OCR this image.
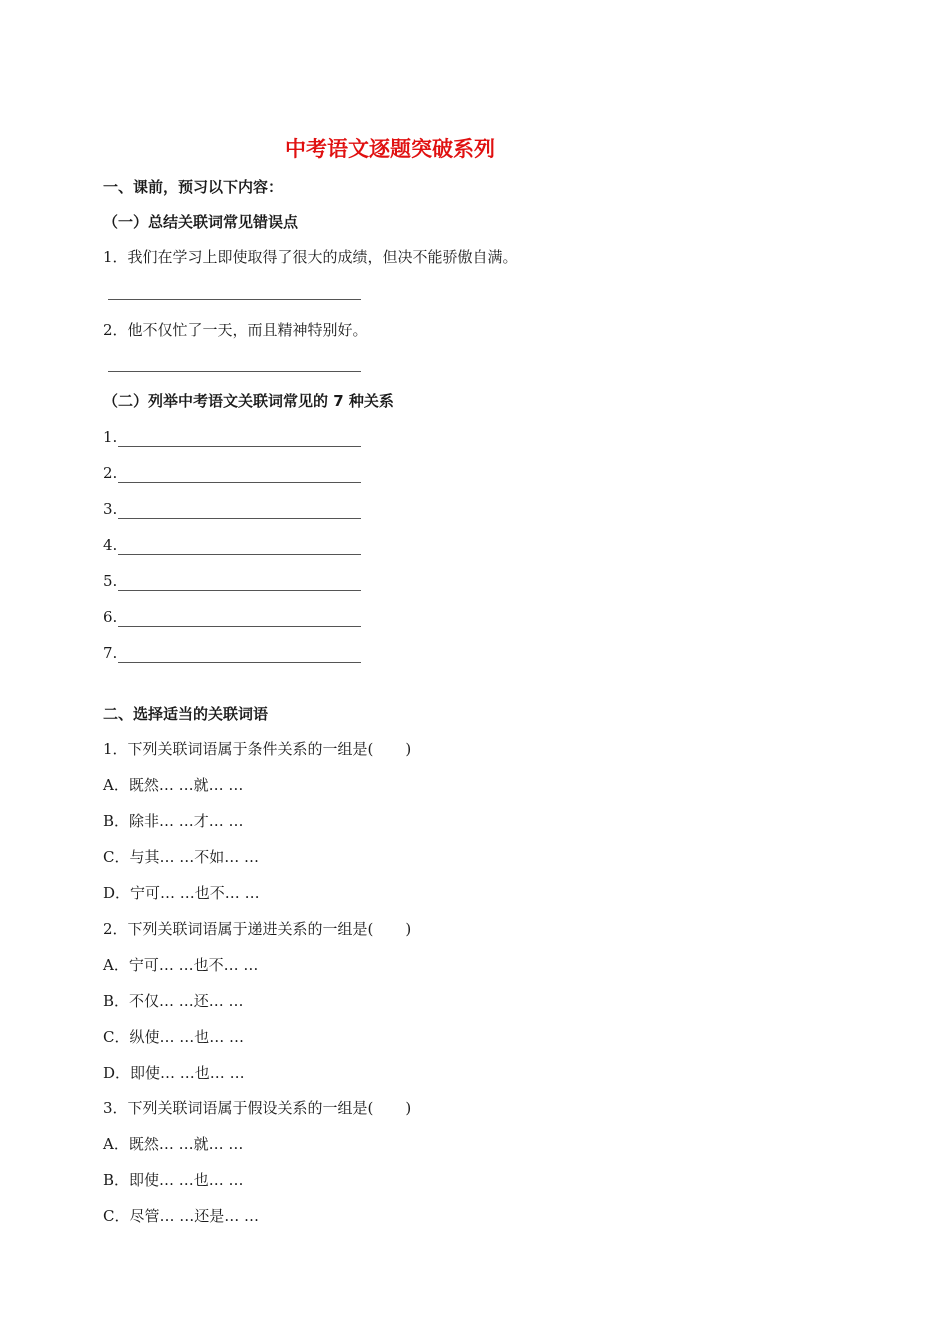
中考语文逐题突破系列
一、课前，预习以下内容：
（一）总结关联词常见错误点
1．我们在学习上即使取得了很大的成绩，但决不能骄傲自满。
2．他不仅忙了一天，而且精神特别好。
（二）列举中考语文关联词常见的 7 种关系
1.
2.
3.
4.
5.
6.
7.
二、选择适当的关联词语
1．下列关联词语属于条件关系的一组是( )
A．既然… …就… …
B．除非… …才… …
C．与其… …不如… …
D．宁可… …也不… …
2．下列关联词语属于递进关系的一组是( )
A．宁可… …也不… …
B．不仅… …还… …
C．纵使… …也… …
D．即使… …也… …
3．下列关联词语属于假设关系的一组是( )
A．既然… …就… …
B．即使… …也… …
C．尽管… …还是… …
